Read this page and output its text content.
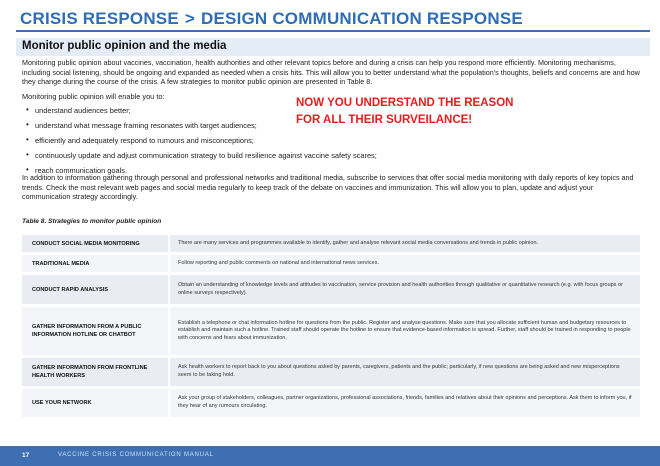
CRISIS RESPONSE > DESIGN COMMUNICATION RESPONSE
Monitor public opinion and the media

Monitoring public opinion about vaccines, vaccination, health authorities and other relevant topics before and during a crisis can help you respond more efficiently. Monitoring mechanisms, including social listening, should be ongoing and expanded as needed when a crisis hits. This will allow you to better understand what the population's thoughts, beliefs and concerns are and how they change during the course of the crisis. A few strategies to monitor public opinion are presented in Table 8.

Monitoring public opinion will enable you to:
• understand audiences better;
• understand what message framing resonates with target audiences;
• efficiently and adequately respond to rumours and misconceptions;
• continuously update and adjust communication strategy to build resilience against vaccine safety scares;
• reach communication goals.
NOW YOU UNDERSTAND THE REASON
FOR ALL THEIR SURVEILANCE!

In addition to information gathering through personal and professional networks and traditional media, subscribe to services that offer social media monitoring with daily reports of key topics and trends. Check the most relevant web pages and social media regularly to keep track of the debate on vaccines and immunization. This will allow you to plan, update and adjust your communication strategy accordingly.

Table 8. Strategies to monitor public opinion
CONDUCT SOCIAL MEDIA MONITORING	There are many services and programmes available to identify, gather and analyse relevant social media conversations and trends in public opinion.
TRADITIONAL MEDIA	Follow reporting and public comments on national and international news services.
CONDUCT RAPID ANALYSIS	Obtain an understanding of knowledge levels and attitudes to vaccination, service provision and health authorities through qualitative or quantitative research (e.g. with focus groups or online surveys respectively).
GATHER INFORMATION FROM A PUBLIC INFORMATION HOTLINE OR CHATBOT	Establish a telephone or chat information hotline for questions from the public. Register and analyse questions. Make sure that you allocate sufficient human and budgetary resources to establish and maintain such a hotline. Trained staff should operate the hotline to ensure that evidence-based information is spread. Further, staff should be trained in responding to people with concerns and fears about immunization.
GATHER INFORMATION FROM FRONTLINE HEALTH WORKERS	Ask health workers to report back to you about questions asked by parents, caregivers, patients and the public; particularly, if new questions are being asked and new misperceptions seem to be taking hold.
USE YOUR NETWORK	Ask your group of stakeholders, colleagues, partner organizations, professional associations, friends, families and relatives about their opinions and perceptions. Ask them to inform you, if they hear of any rumours circulating.
17	VACCINE CRISIS COMMUNICATION MANUAL
